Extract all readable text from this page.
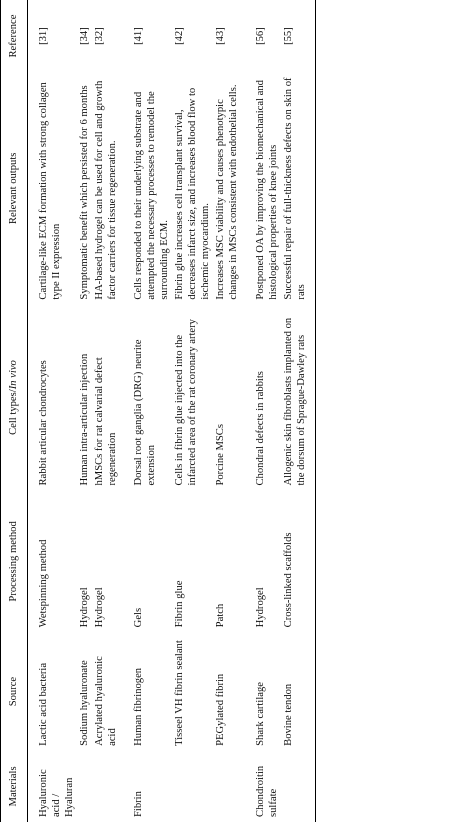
Materials	Source	Processing method	Cell types/In vivo	Relevant outputs	Reference
Hyaluronic acid / Hyaluran	Lactic acid bacteria	Wetspinning method	Rabbit articular chondrocytes	Cartilage-like ECM formation with strong collagen type II expression	[31]
	Sodium hyaluronate	Hydrogel	Human intra-articular injection	Symptomatic benefit which persisted for 6 months	[34]
	Acrylated hyaluronic acid	Hydrogel	hMSCs for rat calvarial defect regeneration	HA-based hydrogel can be used for cell and growth factor carriers for tissue regeneration.	[32]
Fibrin	Human fibrinogen	Gels	Dorsal root ganglia (DRG) neurite extension	Cells responded to their underlying substrate and attempted the necessary processes to remodel the surrounding ECM.	[41]
	Tisseel VH fibrin sealant	Fibrin glue	Cells in fibrin glue injected into the infarcted area of the rat coronary artery	Fibrin glue increases cell transplant survival, decreases infarct size, and increases blood flow to ischemic myocardium.	[42]
	PEGylated fibrin	Patch	Porcine MSCs	Increases MSC viability and causes phenotypic changes in MSCs consistent with endothelial cells.	[43]
Chondroitin sulfate	Shark cartilage	Hydrogel	Chondral defects in rabbits	Postponed OA by improving the biomechanical and histological properties of knee joints	[56]
	Bovine tendon	Cross-linked scaffolds	Allogenic skin fibroblasts implanted on the dorsum of Sprague-Dawley rats	Successful repair of full-thickness defects on skin of rats	[55]
